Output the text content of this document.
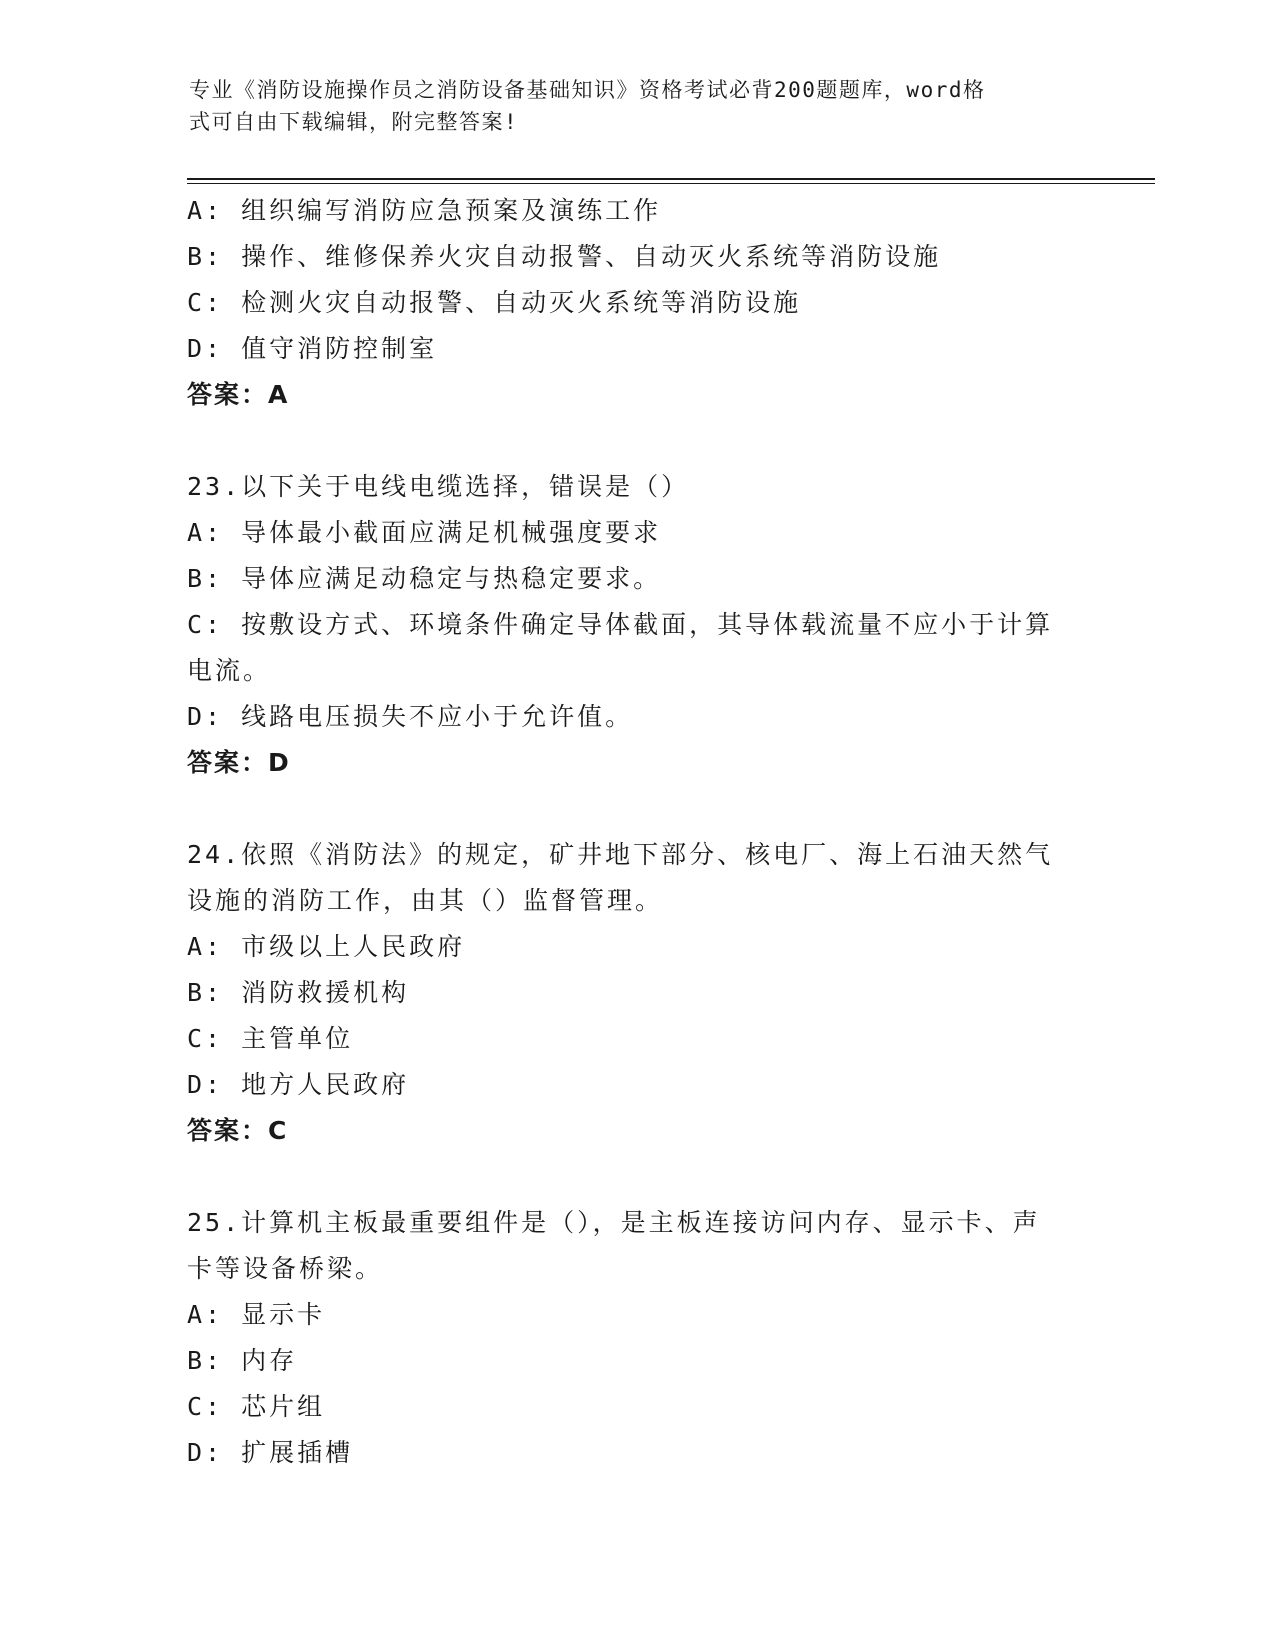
专业《消防设施操作员之消防设备基础知识》资格考试必背200题题库，word格
式可自由下载编辑，附完整答案!
A: 组织编写消防应急预案及演练工作
B: 操作、维修保养火灾自动报警、自动灭火系统等消防设施
C: 检测火灾自动报警、自动灭火系统等消防设施
D: 值守消防控制室
答案：A
23.以下关于电线电缆选择，错误是（）
A: 导体最小截面应满足机械强度要求
B: 导体应满足动稳定与热稳定要求。
C: 按敷设方式、环境条件确定导体截面，其导体载流量不应小于计算
电流。
D: 线路电压损失不应小于允许值。
答案：D
24.依照《消防法》的规定，矿井地下部分、核电厂、海上石油天然气
设施的消防工作，由其（）监督管理。
A: 市级以上人民政府
B: 消防救援机构
C: 主管单位
D: 地方人民政府
答案：C
25.计算机主板最重要组件是（），是主板连接访问内存、显示卡、声
卡等设备桥梁。
A: 显示卡
B: 内存
C: 芯片组
D: 扩展插槽
